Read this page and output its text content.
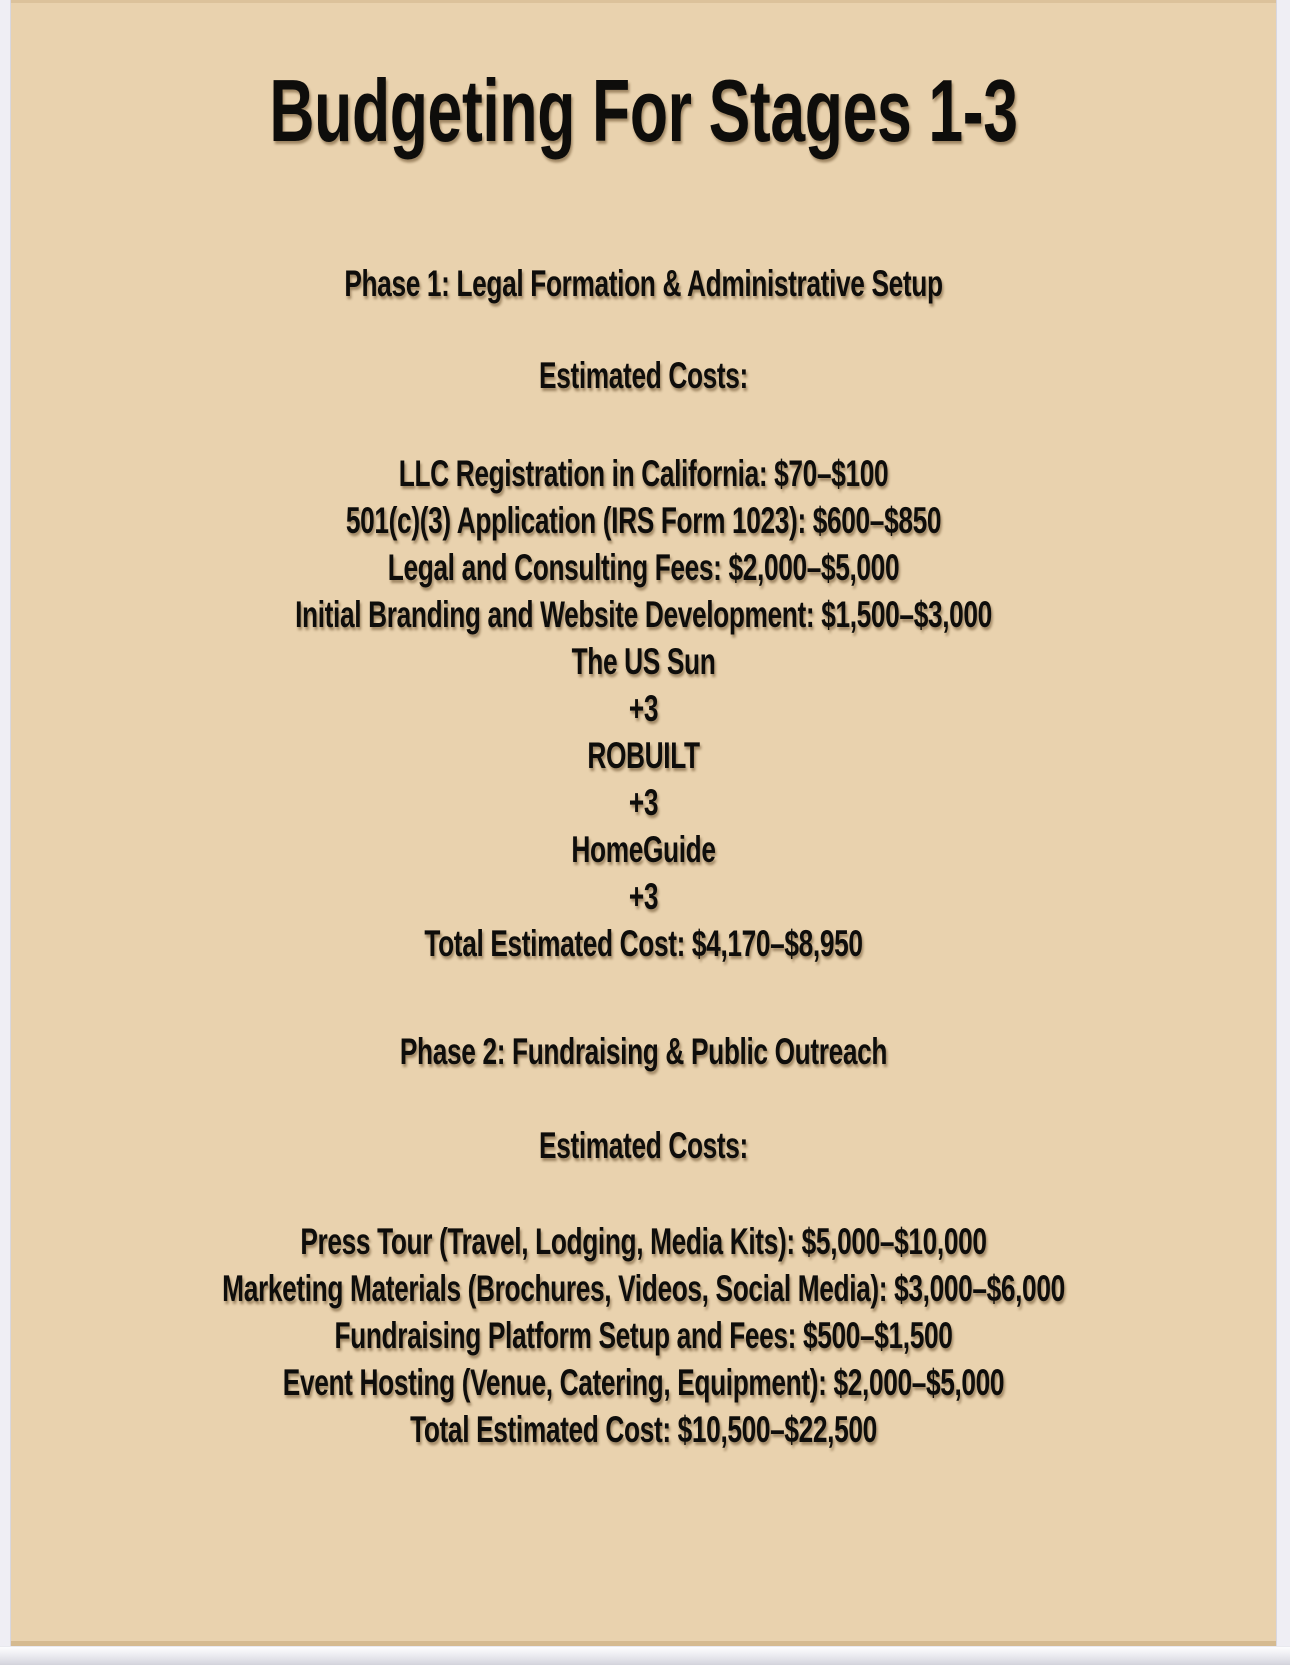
Budgeting For Stages 1-3
Phase 1: Legal Formation & Administrative Setup
Estimated Costs:
LLC Registration in California: $70–$100
501(c)(3) Application (IRS Form 1023): $600–$850
Legal and Consulting Fees: $2,000–$5,000
Initial Branding and Website Development: $1,500–$3,000
The US Sun
+3
ROBUILT
+3
HomeGuide
+3
Total Estimated Cost: $4,170–$8,950
Phase 2: Fundraising & Public Outreach
Estimated Costs:
Press Tour (Travel, Lodging, Media Kits): $5,000–$10,000
Marketing Materials (Brochures, Videos, Social Media): $3,000–$6,000
Fundraising Platform Setup and Fees: $500–$1,500
Event Hosting (Venue, Catering, Equipment): $2,000–$5,000
Total Estimated Cost: $10,500–$22,500
